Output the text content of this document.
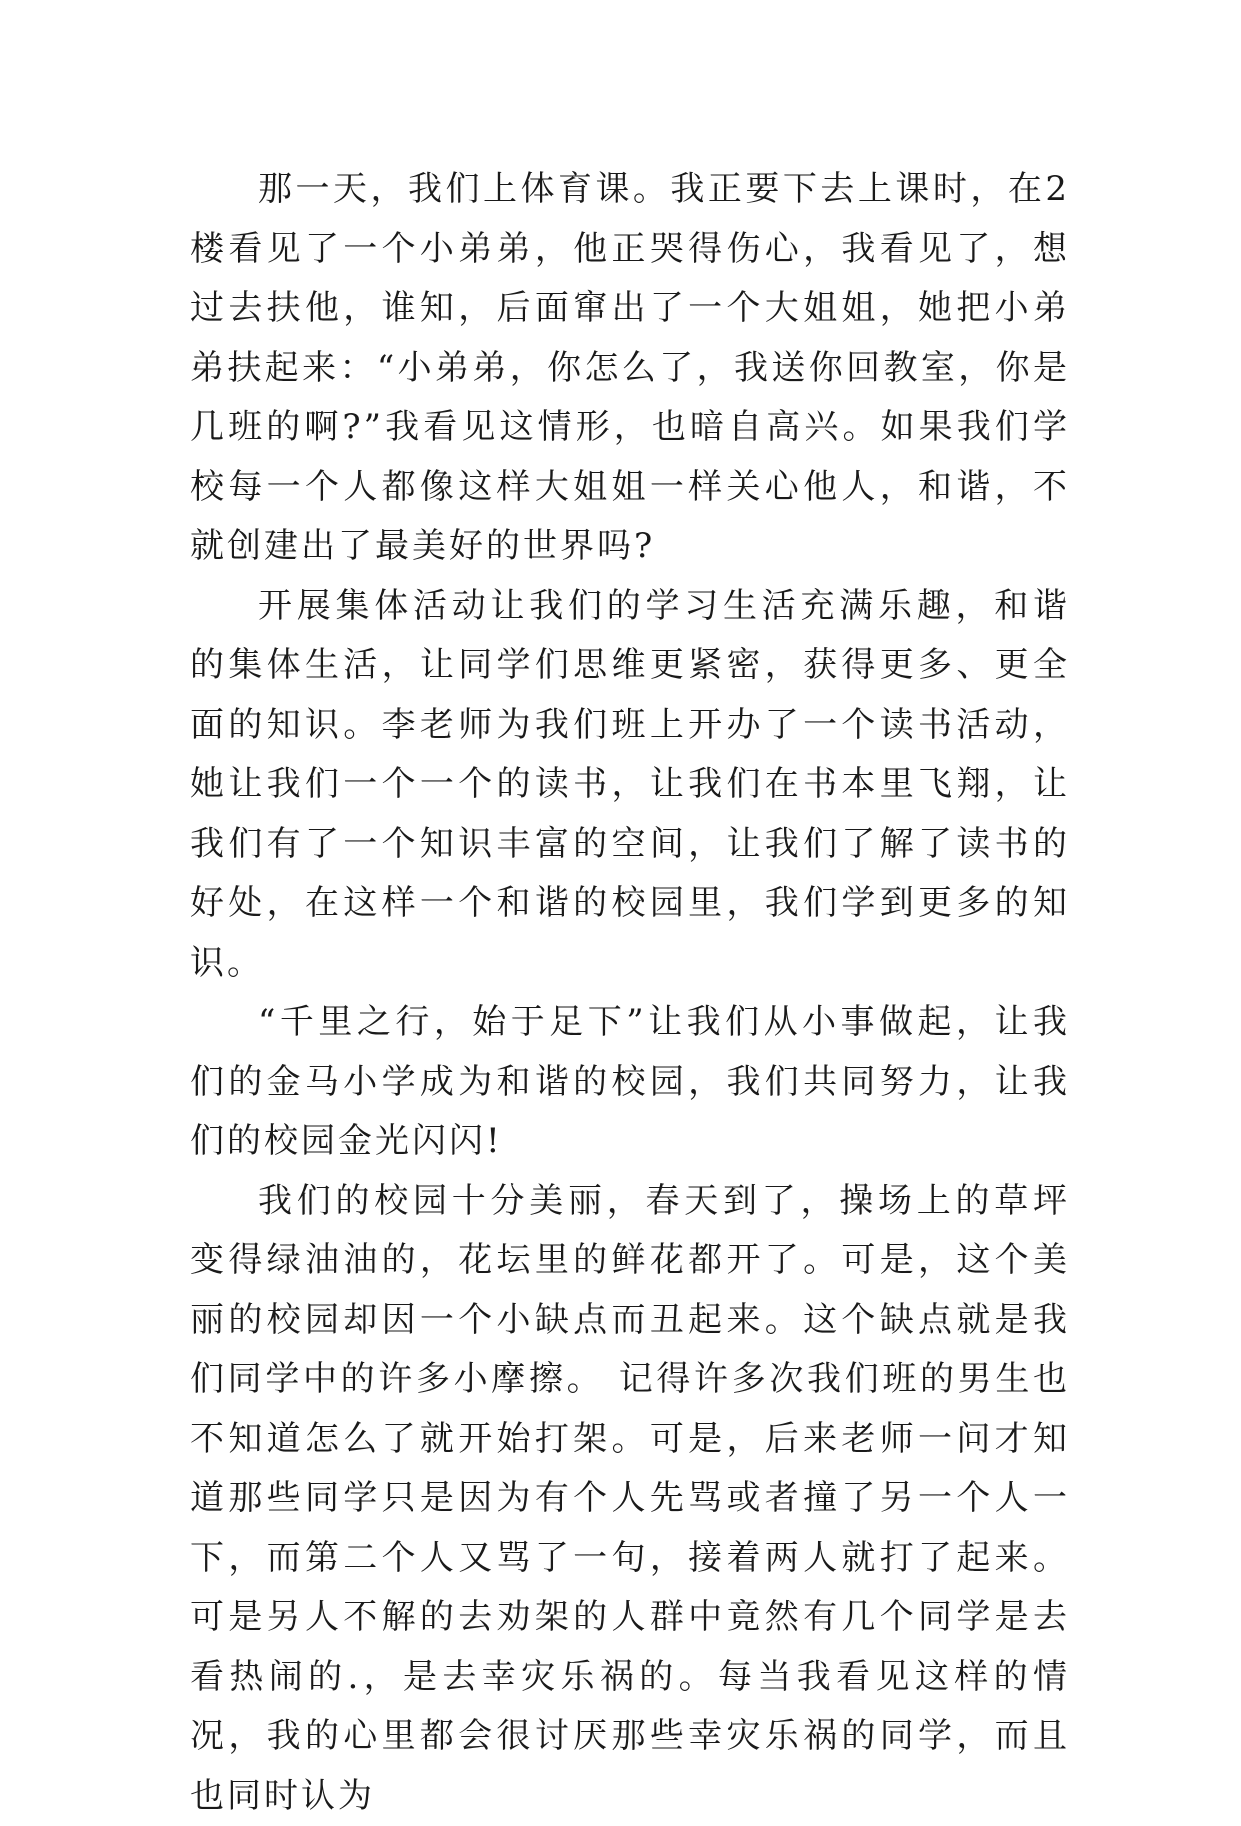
那一天，我们上体育课。我正要下去上课时，在2楼看见了一个小弟弟，他正哭得伤心，我看见了，想过去扶他，谁知，后面窜出了一个大姐姐，她把小弟弟扶起来：“小弟弟，你怎么了，我送你回教室，你是几班的啊?”我看见这情形，也暗自高兴。如果我们学校每一个人都像这样大姐姐一样关心他人，和谐，不就创建出了最美好的世界吗?

开展集体活动让我们的学习生活充满乐趣，和谐的集体生活，让同学们思维更紧密，获得更多、更全面的知识。李老师为我们班上开办了一个读书活动，她让我们一个一个的读书，让我们在书本里飞翔，让我们有了一个知识丰富的空间，让我们了解了读书的好处，在这样一个和谐的校园里，我们学到更多的知识。

“千里之行，始于足下”让我们从小事做起，让我们的金马小学成为和谐的校园，我们共同努力，让我们的校园金光闪闪!

我们的校园十分美丽，春天到了，操场上的草坪变得绿油油的，花坛里的鲜花都开了。可是，这个美丽的校园却因一个小缺点而丑起来。这个缺点就是我们同学中的许多小摩擦。 记得许多次我们班的男生也不知道怎么了就开始打架。可是，后来老师一问才知道那些同学只是因为有个人先骂或者撞了另一个人一下，而第二个人又骂了一句，接着两人就打了起来。可是另人不解的去劝架的人群中竟然有几个同学是去看热闹的.，是去幸灾乐祸的。每当我看见这样的情况，我的心里都会很讨厌那些幸灾乐祸的同学，而且也同时认为
